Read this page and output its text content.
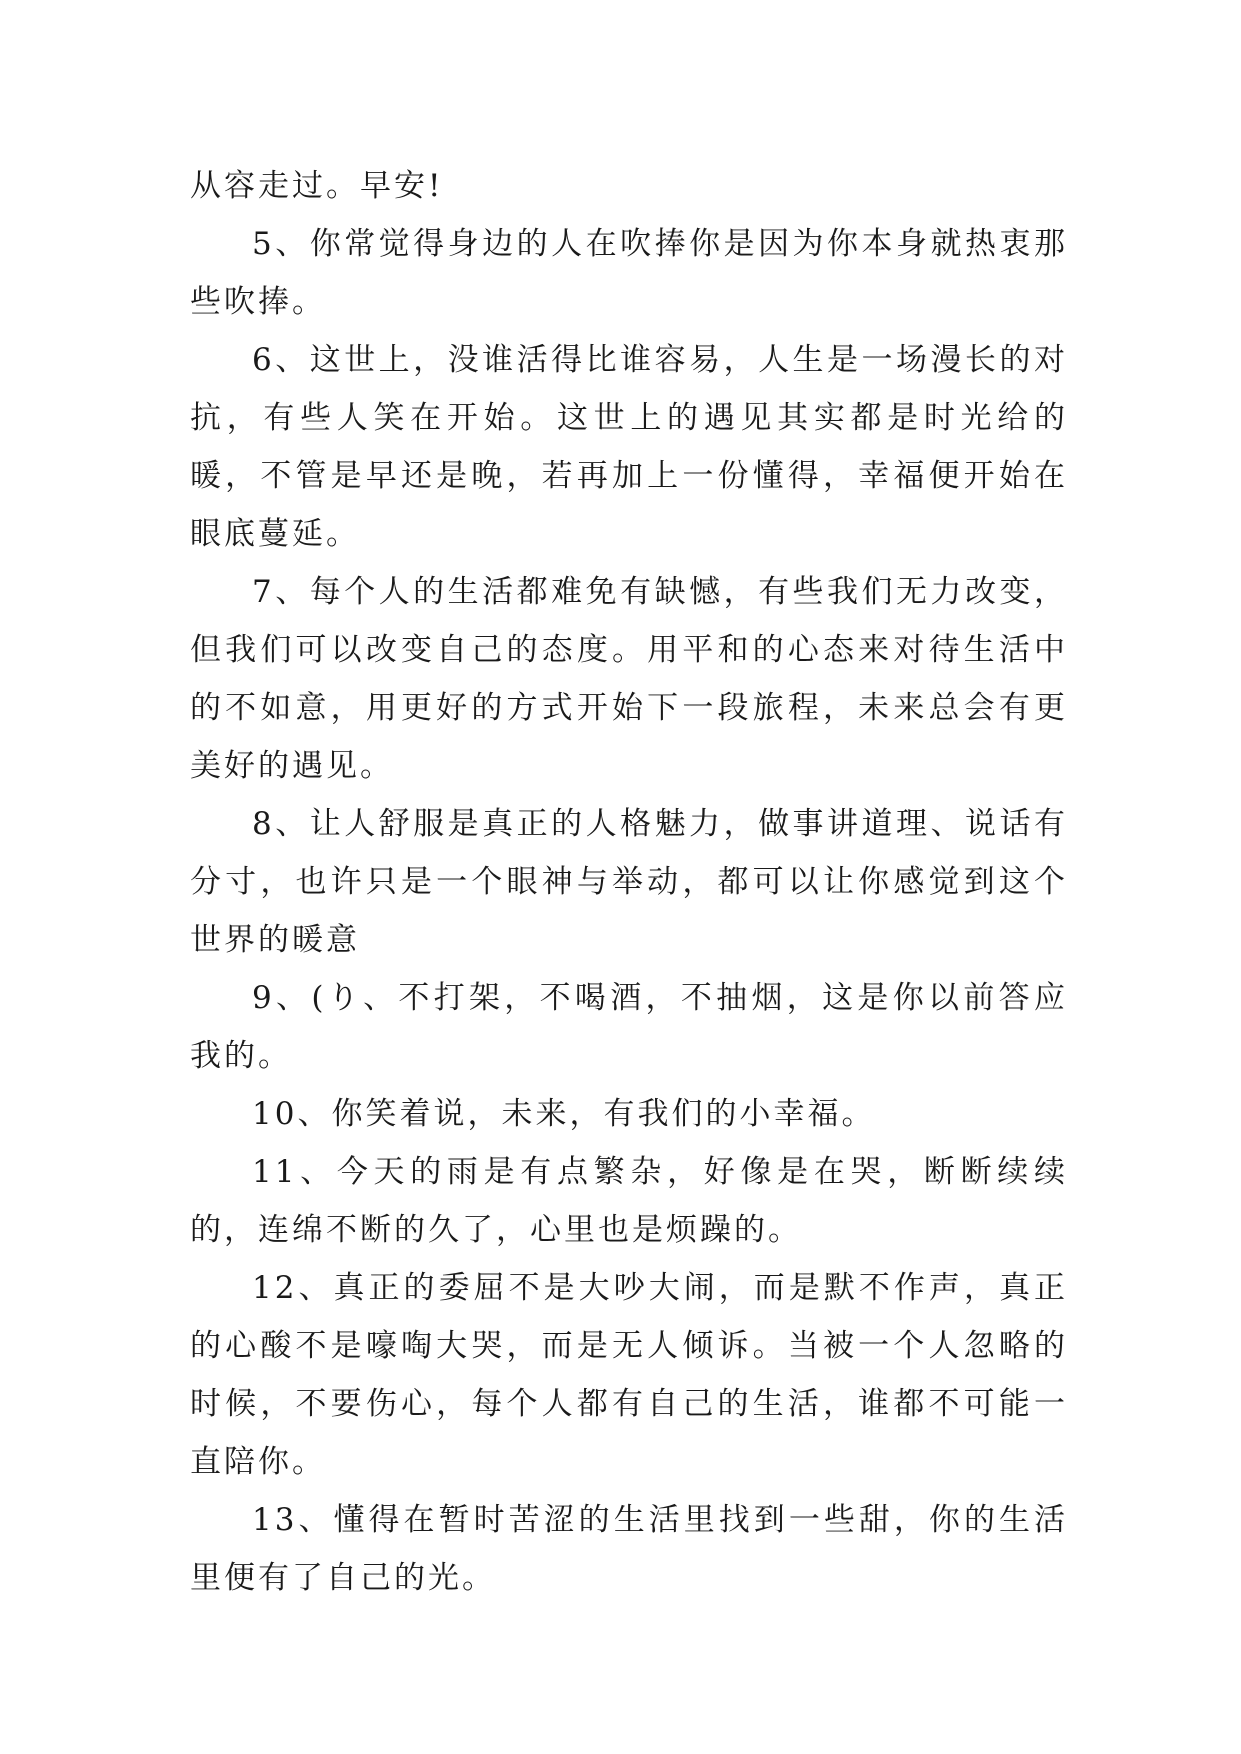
从容走过。早安!

5、你常觉得身边的人在吹捧你是因为你本身就热衷那些吹捧。

6、这世上，没谁活得比谁容易，人生是一场漫长的对抗，有些人笑在开始。这世上的遇见其实都是时光给的暖，不管是早还是晚，若再加上一份懂得，幸福便开始在眼底蔓延。

7、每个人的生活都难免有缺憾，有些我们无力改变，但我们可以改变自己的态度。用平和的心态来对待生活中的不如意，用更好的方式开始下一段旅程，未来总会有更美好的遇见。

8、让人舒服是真正的人格魅力，做事讲道理、说话有分寸，也许只是一个眼神与举动，都可以让你感觉到这个世界的暖意

9、(り、不打架，不喝酒，不抽烟，这是你以前答应我的。

10、你笑着说，未来，有我们的小幸福。

11、今天的雨是有点繁杂，好像是在哭，断断续续的，连绵不断的久了，心里也是烦躁的。

12、真正的委屈不是大吵大闹，而是默不作声，真正的心酸不是嚎啕大哭，而是无人倾诉。当被一个人忽略的时候，不要伤心，每个人都有自己的生活，谁都不可能一直陪你。

13、懂得在暂时苦涩的生活里找到一些甜，你的生活里便有了自己的光。
